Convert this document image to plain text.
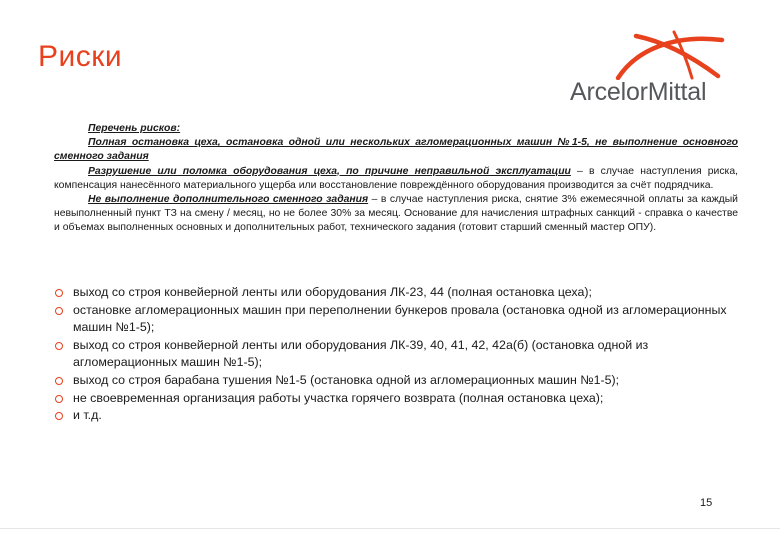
Риски
ArcelorMittal

Перечень рисков:

Полная остановка цеха, остановка одной или нескольких агломерационных машин №1-5, не выполнение основного сменного задания

Разрушение или поломка оборудования цеха, по причине неправильной эксплуатации – в случае наступления риска, компенсация нанесённого материального ущерба или восстановление повреждённого оборудования производится за счёт подрядчика.

Не выполнение дополнительного сменного задания – в случае наступления риска, снятие 3% ежемесячной оплаты за каждый невыполненный пункт ТЗ на смену / месяц, но не более 30% за месяц. Основание для начисления штрафных санкций - справка о качестве и объемах выполненных основных и дополнительных работ, технического задания (готовит старший сменный мастер ОПУ).

выход со строя конвейерной ленты или оборудования ЛК-23, 44 (полная остановка цеха);
остановке агломерационных машин при переполнении бункеров провала (остановка одной из агломерационных машин №1-5);
выход со строя конвейерной ленты или оборудования ЛК-39, 40, 41, 42, 42а(б) (остановка одной из агломерационных машин №1-5);
выход со строя барабана тушения №1-5 (остановка одной из агломерационных машин №1-5);
не своевременная организация работы участка горячего возврата (полная остановка цеха);
и т.д.
15
